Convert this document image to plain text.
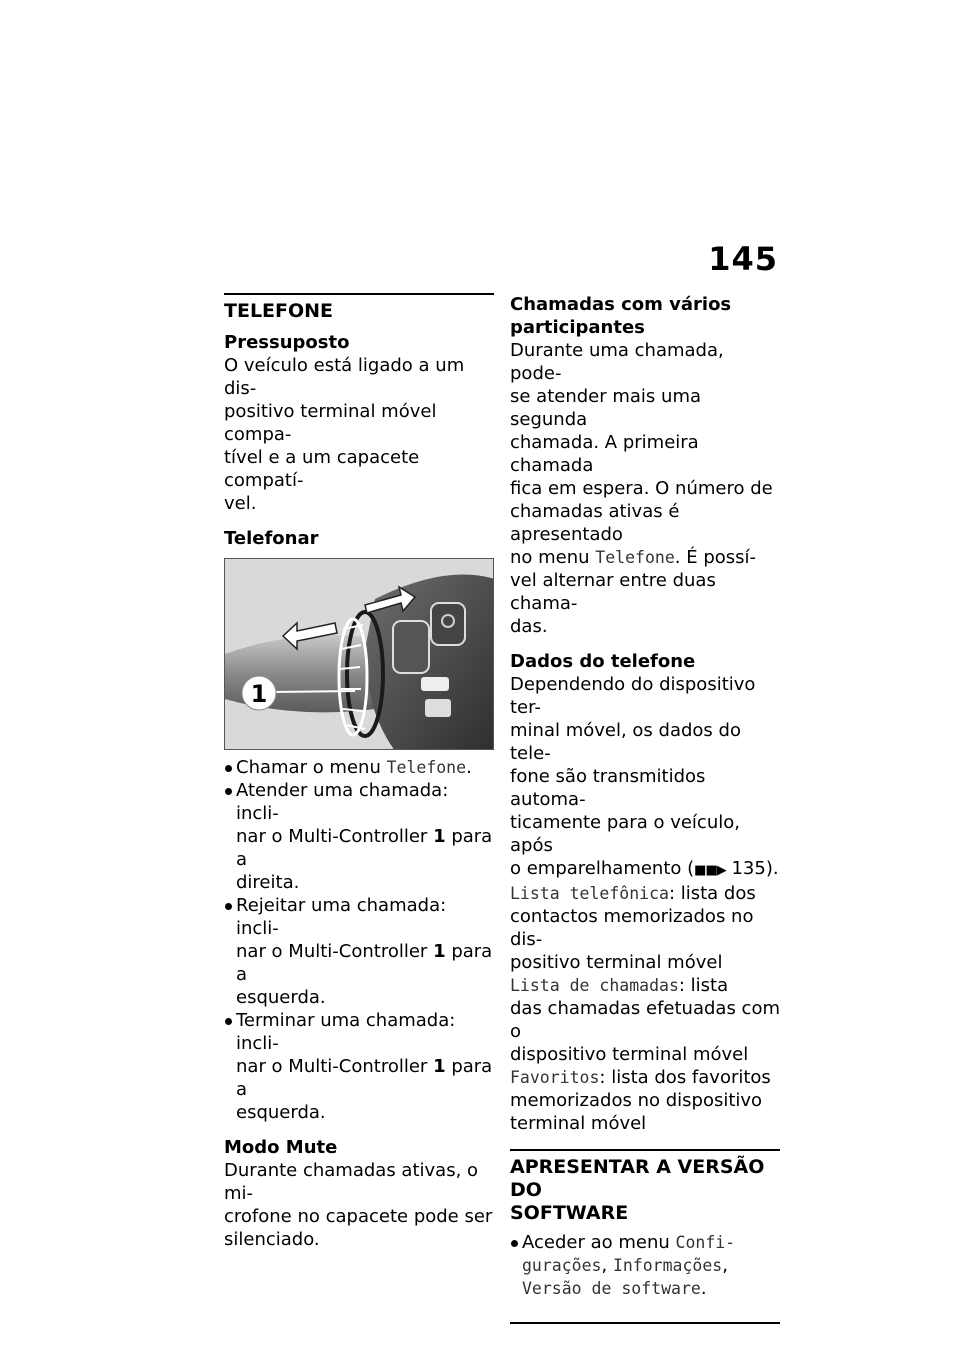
145
TELEFONE
Pressuposto
O veículo está ligado a um dis-
positivo terminal móvel compa-
tível e a um capacete compatí-
vel.
Telefonar
1
Chamar o menu Telefone.
Atender uma chamada: incli-
nar o Multi-Controller 1 para a
direita.
Rejeitar uma chamada: incli-
nar o Multi-Controller 1 para a
esquerda.
Terminar uma chamada: incli-
nar o Multi-Controller 1 para a
esquerda.
Modo Mute
Durante chamadas ativas, o mi-
crofone no capacete pode ser
silenciado.
Chamadas com vários
participantes
Durante uma chamada, pode-
se atender mais uma segunda
chamada. A primeira chamada
fica em espera. O número de
chamadas ativas é apresentado
no menu Telefone. É possí-
vel alternar entre duas chama-
das.
Dados do telefone
Dependendo do dispositivo ter-
minal móvel, os dados do tele-
fone são transmitidos automa-
ticamente para o veículo, após
o emparelhamento (■■▶ 135).
Lista telefônica: lista dos
contactos memorizados no dis-
positivo terminal móvel
Lista de chamadas: lista
das chamadas efetuadas com o
dispositivo terminal móvel
Favoritos: lista dos favoritos
memorizados no dispositivo
terminal móvel
APRESENTAR A VERSÃO DO
SOFTWARE
Aceder ao menu Confi-
gurações, Informações,
Versão de software.
